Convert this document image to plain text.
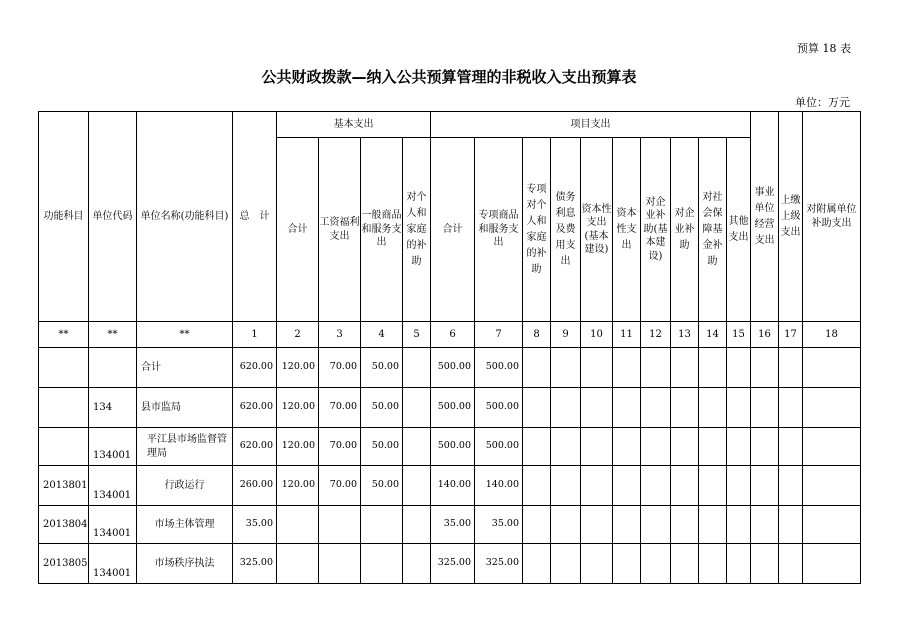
预算 18 表
公共财政拨款—纳入公共预算管理的非税收入支出预算表
单位：万元
功能科目	单位代码	单位名称(功能科目)	总　计	基本支出				项目支出										事业单位经营支出	上缴上级支出	对附属单位补助支出
				合计	工资福利支出	一般商品和服务支出	对个人和家庭的补助	合计	专项商品和服务支出	专项对个人和家庭的补助	债务利息及费用支出	资本性支出(基本建设)	资本性支出	对企业补助(基本建设)	对企业补助	对社会保障基金补助	其他支出			
**	**	**	1	2	3	4	5	6	7	8	9	10	11	12	13	14	15	16	17	18
		合计	620.00	120.00	70.00	50.00		500.00	500.00											
	134	县市监局	620.00	120.00	70.00	50.00		500.00	500.00											
	134001	平江县市场监督管理局	620.00	120.00	70.00	50.00		500.00	500.00											
2013801	134001	行政运行	260.00	120.00	70.00	50.00		140.00	140.00											
2013804	134001	市场主体管理	35.00					35.00	35.00											
2013805	134001	市场秩序执法	325.00					325.00	325.00											
